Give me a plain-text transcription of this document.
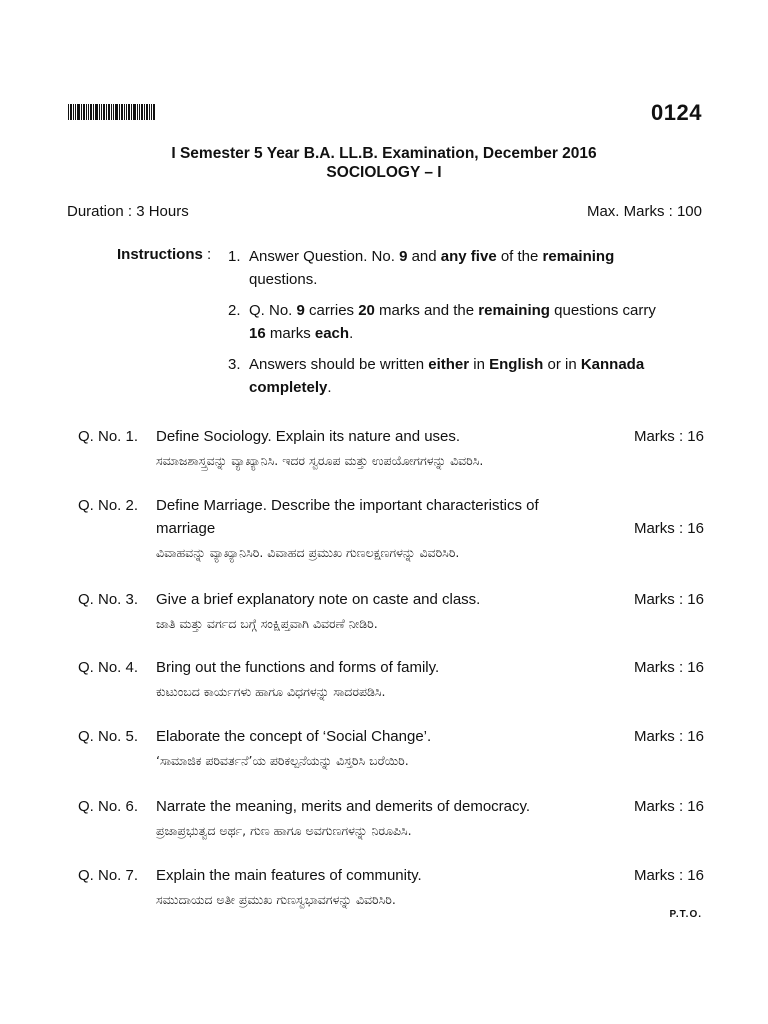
0124
I Semester 5 Year B.A. LL.B. Examination, December 2016
SOCIOLOGY – I
Duration : 3 Hours	Max. Marks : 100
Instructions : 1. Answer Question. No. 9 and any five of the remaining questions.
2. Q. No. 9 carries 20 marks and the remaining questions carry 16 marks each.
3. Answers should be written either in English or in Kannada completely.
Q. No. 1.	Marks : 16
Define Sociology. Explain its nature and uses.
ಸಮಾಜಶಾಸ್ತ್ರವನ್ನು ವ್ಯಾಖ್ಯಾನಿಸಿ. ಇದರ ಸ್ವರೂಪ ಮತ್ತು ಉಪಯೋಗಗಳನ್ನು ವಿವರಿಸಿ.
Q. No. 2.
Marks : 16
Define Marriage. Describe the important characteristics of marriage
ವಿವಾಹವನ್ನು ವ್ಯಾಖ್ಯಾನಿಸಿರಿ. ವಿವಾಹದ ಪ್ರಮುಖ ಗುಣಲಕ್ಷಣಗಳನ್ನು ವಿವರಿಸಿರಿ.
Q. No. 3.	Marks : 16
Give a brief explanatory note on caste and class.
ಜಾತಿ ಮತ್ತು ವರ್ಗದ ಬಗ್ಗೆ ಸಂಕ್ಷಿಪ್ತವಾಗಿ ವಿವರಣೆ ನೀಡಿರಿ.
Q. No. 4.	Marks : 16
Bring out the functions and forms of family.
ಕುಟುಂಬದ ಕಾರ್ಯಗಳು ಹಾಗೂ ವಿಧಗಳನ್ನು ಸಾದರಪಡಿಸಿ.
Q. No. 5.	Marks : 16
Elaborate the concept of ‘Social Change’.
‘ಸಾಮಾಜಿಕ ಪರಿವರ್ತನೆ’ಯ ಪರಿಕಲ್ಪನೆಯನ್ನು ವಿಸ್ತರಿಸಿ ಬರೆಯಿರಿ.
Q. No. 6.	Marks : 16
Narrate the meaning, merits and demerits of democracy.
ಪ್ರಜಾಪ್ರಭುತ್ವದ ಅರ್ಥ, ಗುಣ ಹಾಗೂ ಅವಗುಣಗಳನ್ನು ನಿರೂಪಿಸಿ.
Q. No. 7.	Marks : 16
Explain the main features of community.
ಸಮುದಾಯದ ಅತೀ ಪ್ರಮುಖ ಗುಣಸ್ವಭಾವಗಳನ್ನು ವಿವರಿಸಿರಿ.
P.T.O.
